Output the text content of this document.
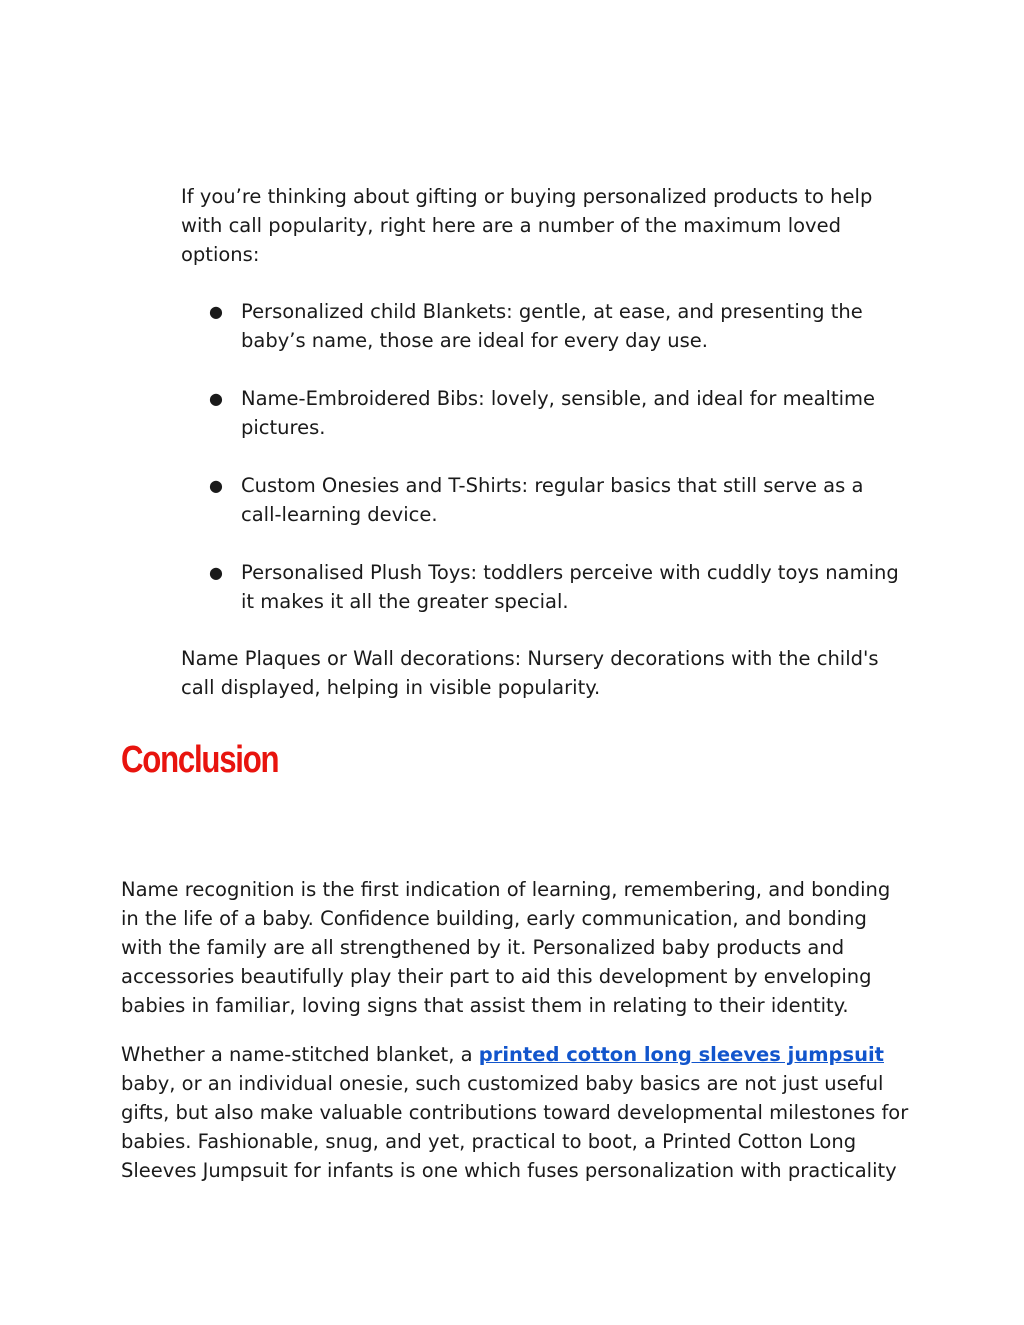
If you’re thinking about gifting or buying personalized products to help with call popularity, right here are a number of the maximum loved options:

● Personalized child Blankets: gentle, at ease, and presenting the baby’s name, those are ideal for every day use.
● Name-Embroidered Bibs: lovely, sensible, and ideal for mealtime pictures.
● Custom Onesies and T-Shirts: regular basics that still serve as a call-learning device.
● Personalised Plush Toys: toddlers perceive with cuddly toys naming it makes it all the greater special.

Name Plaques or Wall decorations: Nursery decorations with the child's call displayed, helping in visible popularity.

Conclusion

Name recognition is the first indication of learning, remembering, and bonding in the life of a baby. Confidence building, early communication, and bonding with the family are all strengthened by it. Personalized baby products and accessories beautifully play their part to aid this development by enveloping babies in familiar, loving signs that assist them in relating to their identity.

Whether a name-stitched blanket, a printed cotton long sleeves jumpsuit baby, or an individual onesie, such customized baby basics are not just useful gifts, but also make valuable contributions toward developmental milestones for babies. Fashionable, snug, and yet, practical to boot, a Printed Cotton Long Sleeves Jumpsuit for infants is one which fuses personalization with practicality
